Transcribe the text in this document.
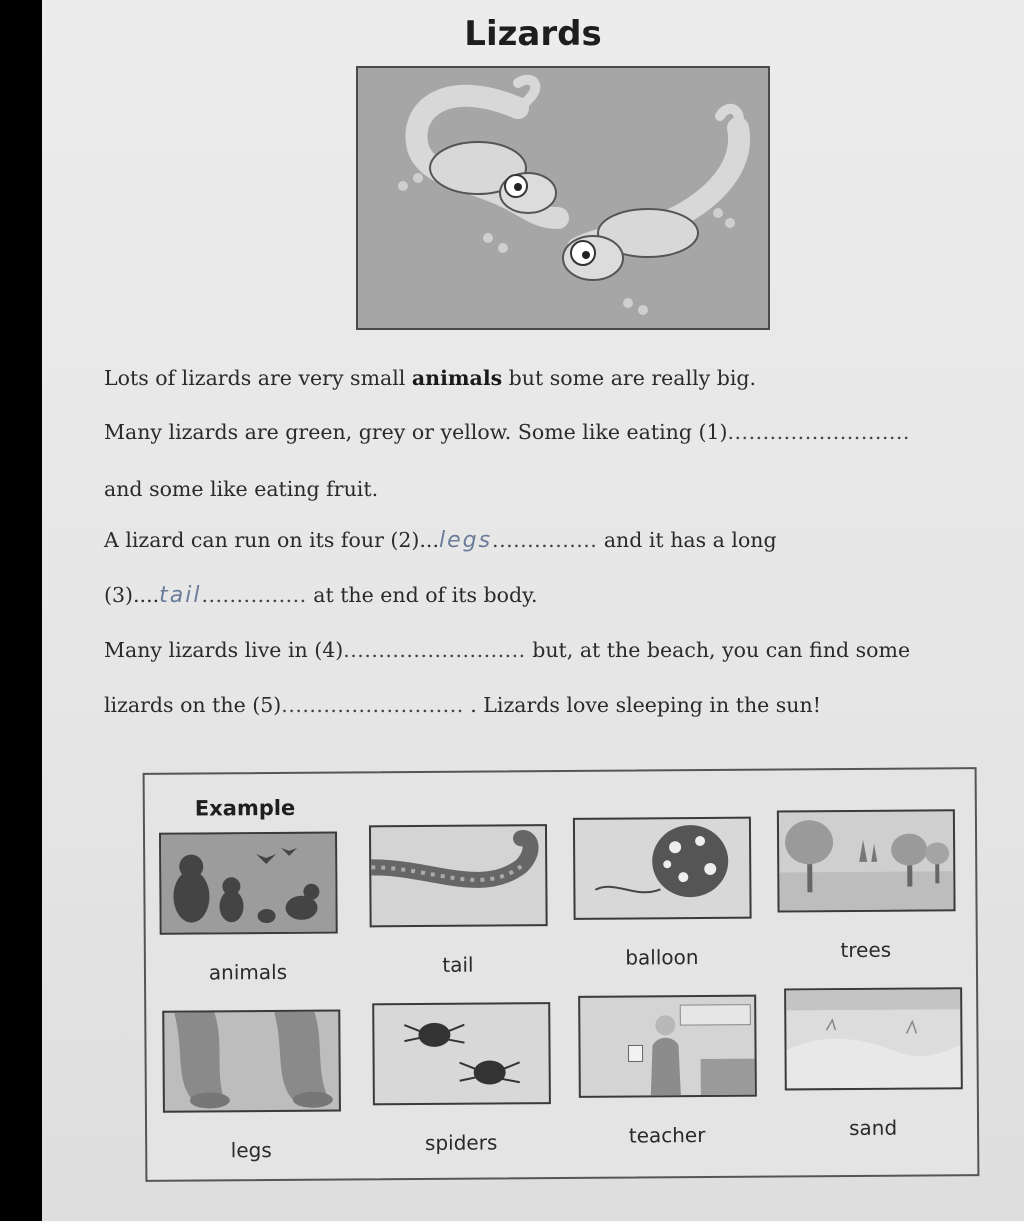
Lizards
Lots of lizards are very small animals but some are really big.
Many lizards are green, grey or yellow. Some like eating (1)..........................
and some like eating fruit.
A lizard can run on its four (2)...legs............... and it has a long
(3)....tail............... at the end of its body.
Many lizards live in (4).......................... but, at the beach, you can find some
lizards on the (5).......................... . Lizards love sleeping in the sun!
Example
animals	tail	balloon	trees
legs	spiders	teacher	sand
